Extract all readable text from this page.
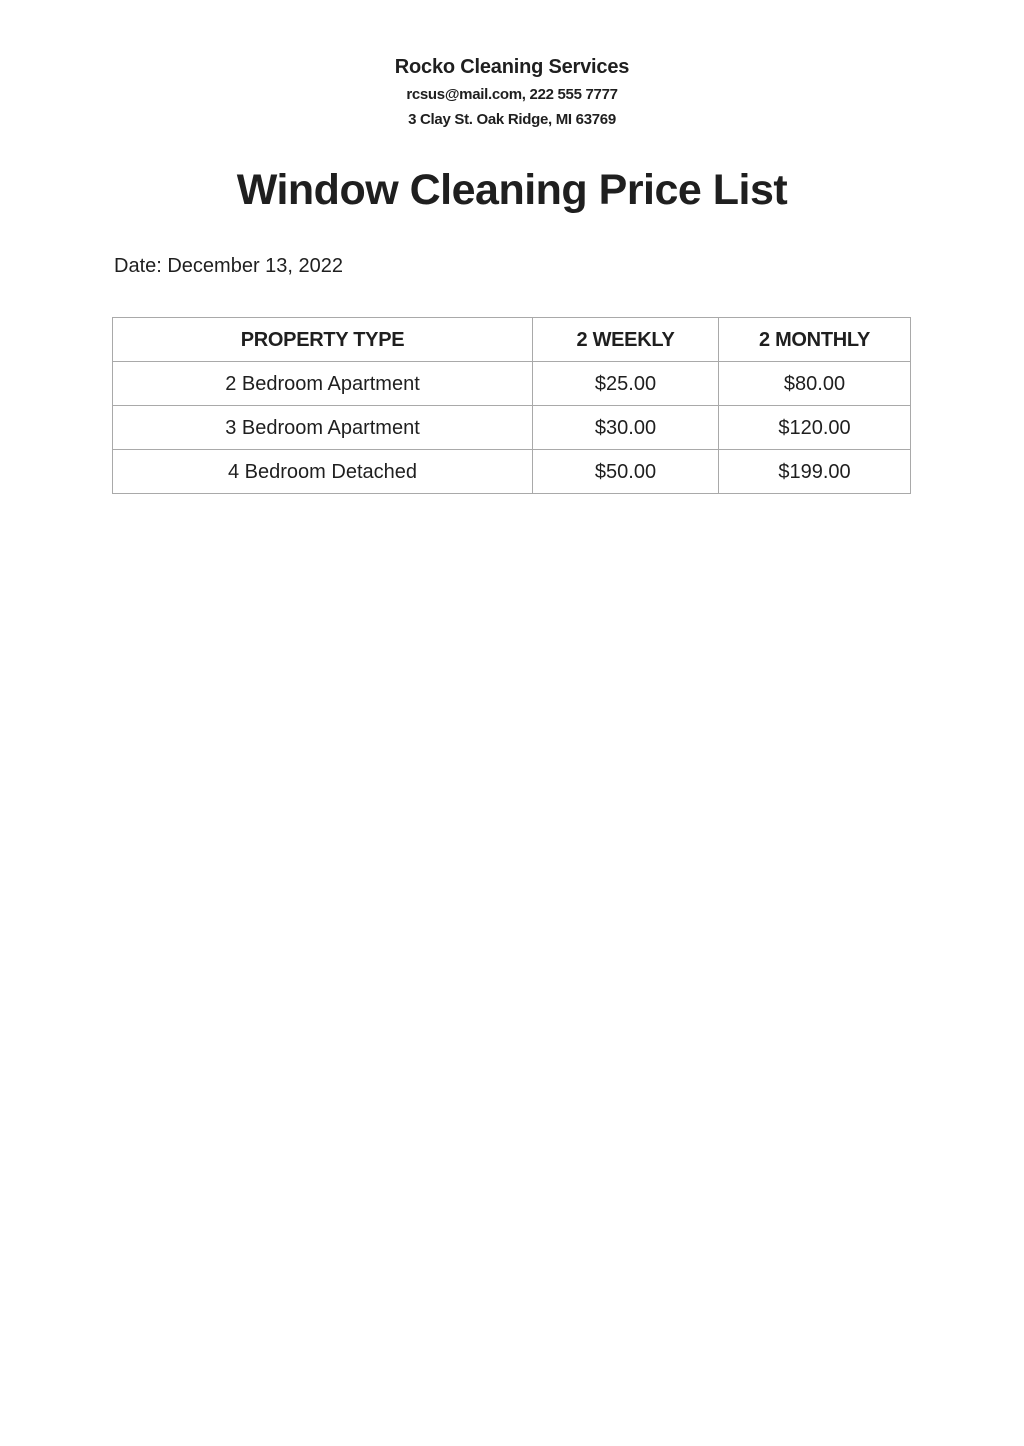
Rocko Cleaning Services
rcsus@mail.com, 222 555 7777
3 Clay St. Oak Ridge, MI 63769
Window Cleaning Price List
Date: December 13, 2022
PROPERTY TYPE	2 WEEKLY	2 MONTHLY
2 Bedroom Apartment	$25.00	$80.00
3 Bedroom Apartment	$30.00	$120.00
4 Bedroom Detached	$50.00	$199.00
